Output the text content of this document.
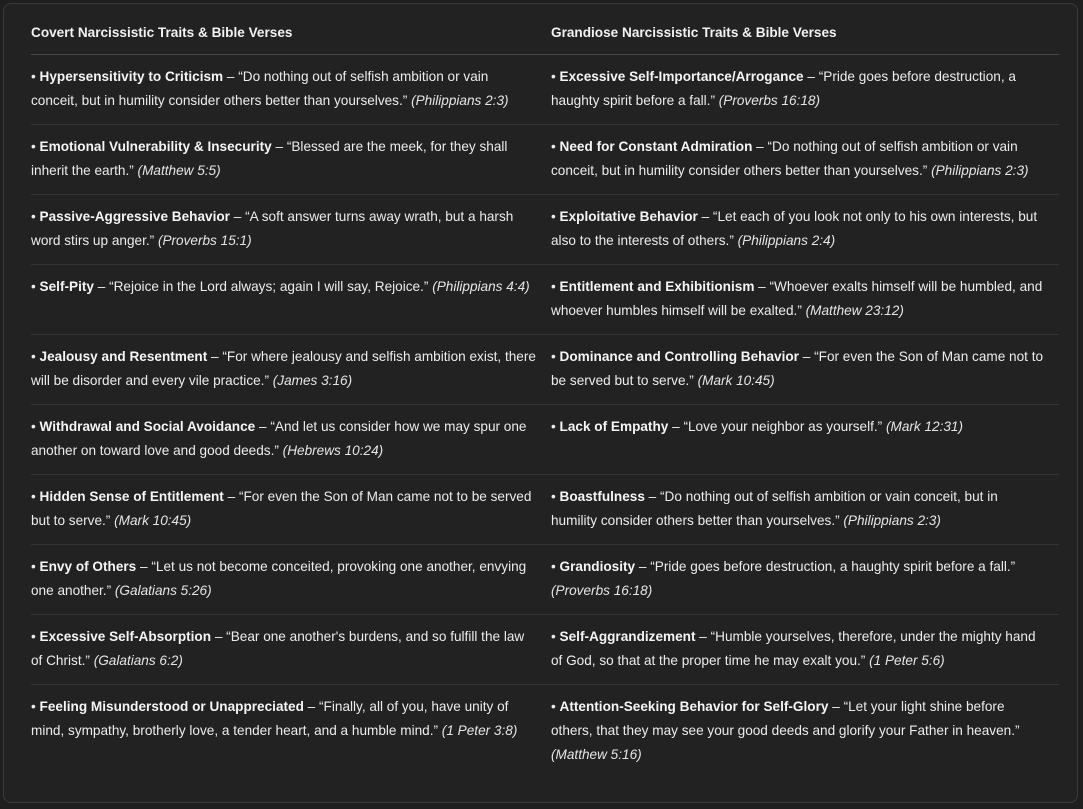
Covert Narcissistic Traits & Bible Verses	Grandiose Narcissistic Traits & Bible Verses
• Hypersensitivity to Criticism – “Do nothing out of selfish ambition or vain conceit, but in humility consider others better than yourselves.” (Philippians 2:3)	• Excessive Self-Importance/Arrogance – “Pride goes before destruction, a haughty spirit before a fall.” (Proverbs 16:18)
• Emotional Vulnerability & Insecurity – “Blessed are the meek, for they shall inherit the earth.” (Matthew 5:5)	• Need for Constant Admiration – “Do nothing out of selfish ambition or vain conceit, but in humility consider others better than yourselves.” (Philippians 2:3)
• Passive-Aggressive Behavior – “A soft answer turns away wrath, but a harsh word stirs up anger.” (Proverbs 15:1)	• Exploitative Behavior – “Let each of you look not only to his own interests, but also to the interests of others.” (Philippians 2:4)
• Self-Pity – “Rejoice in the Lord always; again I will say, Rejoice.” (Philippians 4:4)	• Entitlement and Exhibitionism – “Whoever exalts himself will be humbled, and whoever humbles himself will be exalted.” (Matthew 23:12)
• Jealousy and Resentment – “For where jealousy and selfish ambition exist, there will be disorder and every vile practice.” (James 3:16)	• Dominance and Controlling Behavior – “For even the Son of Man came not to be served but to serve.” (Mark 10:45)
• Withdrawal and Social Avoidance – “And let us consider how we may spur one another on toward love and good deeds.” (Hebrews 10:24)	• Lack of Empathy – “Love your neighbor as yourself.” (Mark 12:31)
• Hidden Sense of Entitlement – “For even the Son of Man came not to be served but to serve.” (Mark 10:45)	• Boastfulness – “Do nothing out of selfish ambition or vain conceit, but in humility consider others better than yourselves.” (Philippians 2:3)
• Envy of Others – “Let us not become conceited, provoking one another, envying one another.” (Galatians 5:26)	• Grandiosity – “Pride goes before destruction, a haughty spirit before a fall.” (Proverbs 16:18)
• Excessive Self-Absorption – “Bear one another's burdens, and so fulfill the law of Christ.” (Galatians 6:2)	• Self-Aggrandizement – “Humble yourselves, therefore, under the mighty hand of God, so that at the proper time he may exalt you.” (1 Peter 5:6)
• Feeling Misunderstood or Unappreciated – “Finally, all of you, have unity of mind, sympathy, brotherly love, a tender heart, and a humble mind.” (1 Peter 3:8)	• Attention-Seeking Behavior for Self-Glory – “Let your light shine before others, that they may see your good deeds and glorify your Father in heaven.” (Matthew 5:16)
